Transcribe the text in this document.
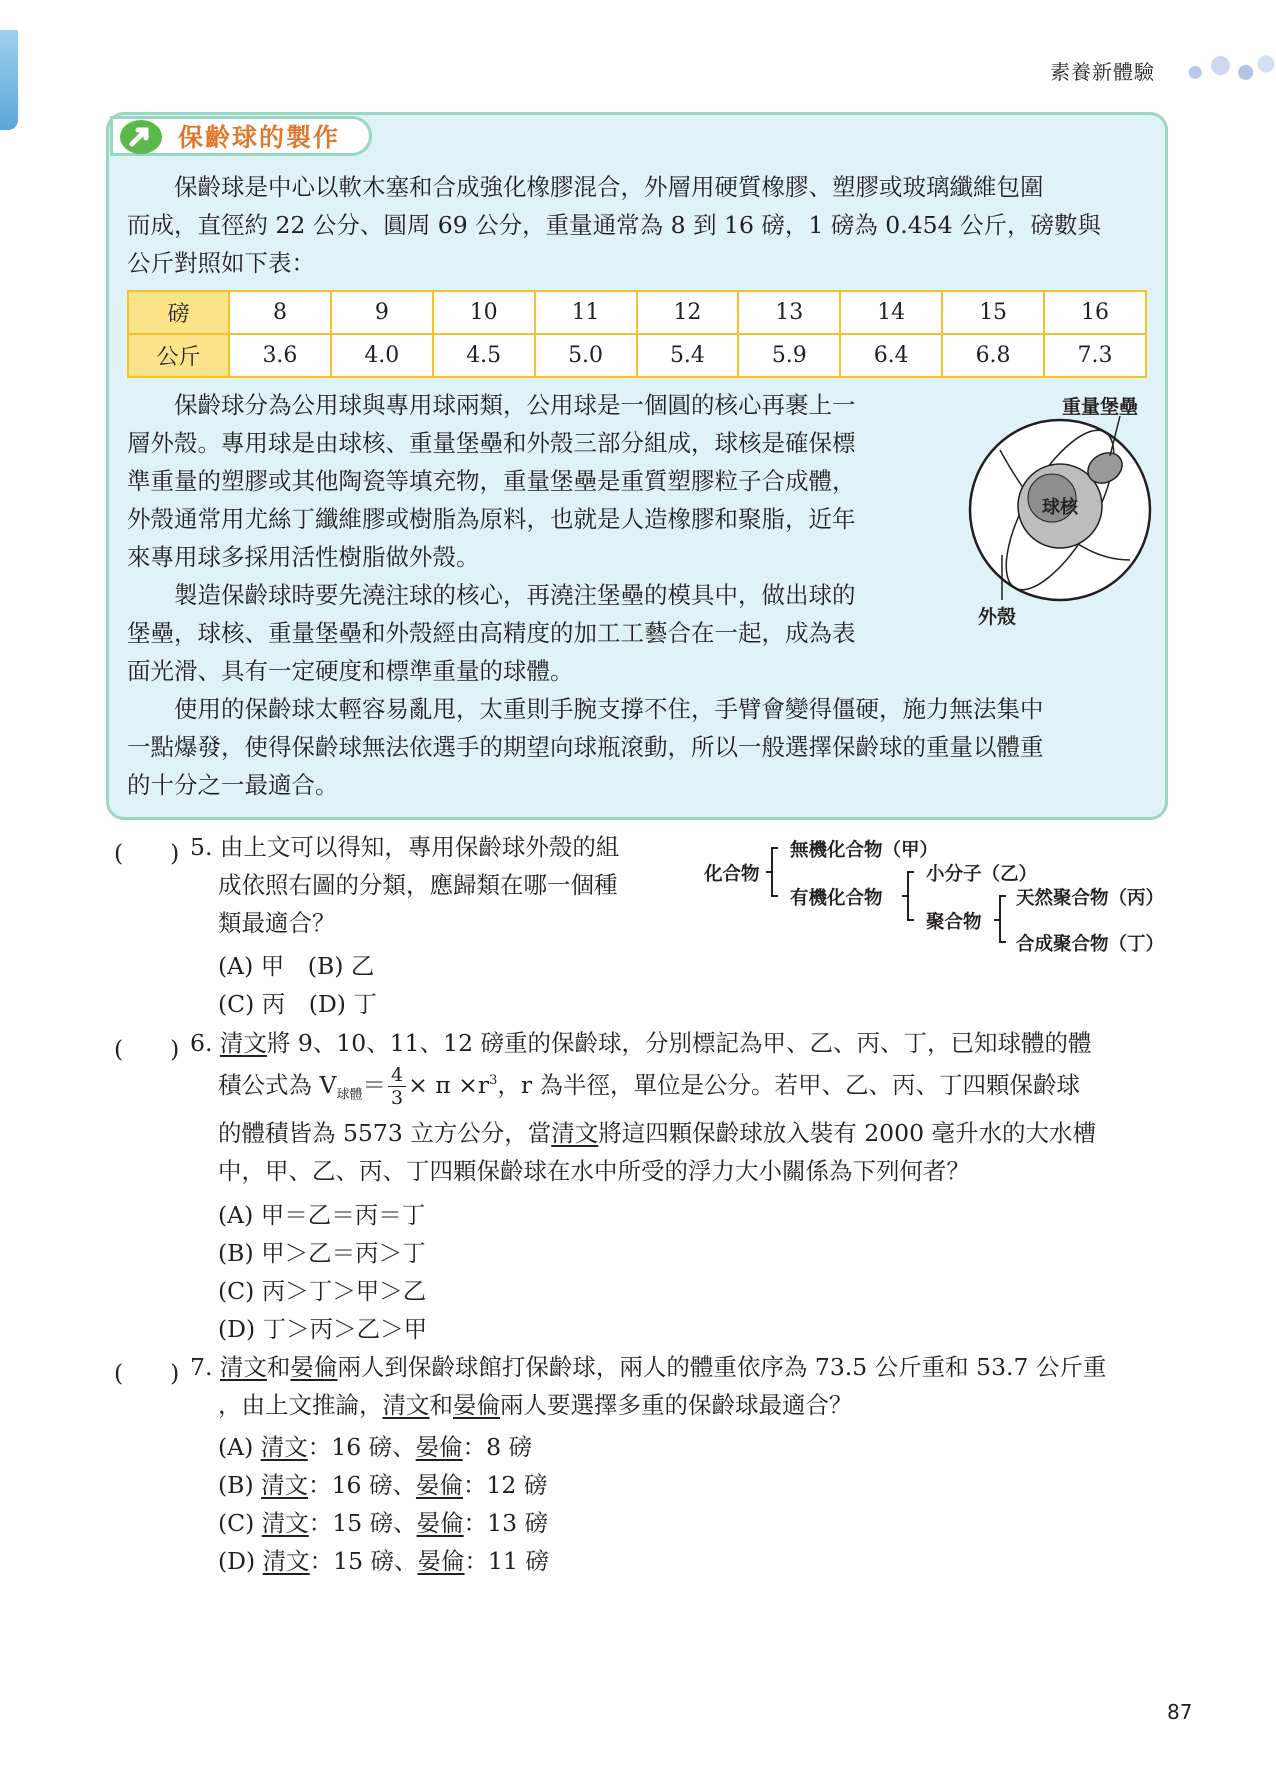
素養新體驗
保齡球的製作
　　保齡球是中心以軟木塞和合成強化橡膠混合，外層用硬質橡膠、塑膠或玻璃纖維包圍
而成，直徑約 22 公分、圓周 69 公分，重量通常為 8 到 16 磅，1 磅為 0.454 公斤，磅數與
公斤對照如下表：
磅	8	9	10	11	12	13	14	15	16
公斤	3.6	4.0	4.5	5.0	5.4	5.9	6.4	6.8	7.3
　　保齡球分為公用球與專用球兩類，公用球是一個圓的核心再裹上一
層外殼。專用球是由球核、重量堡壘和外殼三部分組成，球核是確保標
準重量的塑膠或其他陶瓷等填充物，重量堡壘是重質塑膠粒子合成體，
外殼通常用尤絲丁纖維膠或樹脂為原料，也就是人造橡膠和聚脂，近年
來專用球多採用活性樹脂做外殼。
　　製造保齡球時要先澆注球的核心，再澆注堡壘的模具中，做出球的
堡壘，球核、重量堡壘和外殼經由高精度的加工工藝合在一起，成為表
面光滑、具有一定硬度和標準重量的球體。
　　使用的保齡球太輕容易亂甩，太重則手腕支撐不住，手臂會變得僵硬，施力無法集中
一點爆發，使得保齡球無法依選手的期望向球瓶滾動，所以一般選擇保齡球的重量以體重
的十分之一最適合。
重量堡壘
球核
外殼
(　　) 5. 由上文可以得知，專用保齡球外殼的組
成依照右圖的分類，應歸類在哪一個種
類最適合？
(A) 甲　(B) 乙
(C) 丙　(D) 丁
化合物
無機化合物（甲）
有機化合物
小分子（乙）
聚合物
天然聚合物（丙）
合成聚合物（丁）
(　　) 6. 清文將 9、10、11、12 磅重的保齡球，分別標記為甲、乙、丙、丁，已知球體的體
積公式為 $V_{球體}= \frac{4}{3} \times \pi \times r^3$，r 為半徑，單位是公分。若甲、乙、丙、丁四顆保齡球
的體積皆為 5573 立方公分，當清文將這四顆保齡球放入裝有 2000 毫升水的大水槽
中，甲、乙、丙、丁四顆保齡球在水中所受的浮力大小關係為下列何者？
(A) 甲＝乙＝丙＝丁
(B) 甲＞乙＝丙＞丁
(C) 丙＞丁＞甲＞乙
(D) 丁＞丙＞乙＞甲
(　　) 7. 清文和晏倫兩人到保齡球館打保齡球，兩人的體重依序為 73.5 公斤重和 53.7 公斤重
，由上文推論，清文和晏倫兩人要選擇多重的保齡球最適合？
(A) 清文：16 磅、晏倫：8 磅
(B) 清文：16 磅、晏倫：12 磅
(C) 清文：15 磅、晏倫：13 磅
(D) 清文：15 磅、晏倫：11 磅
87
